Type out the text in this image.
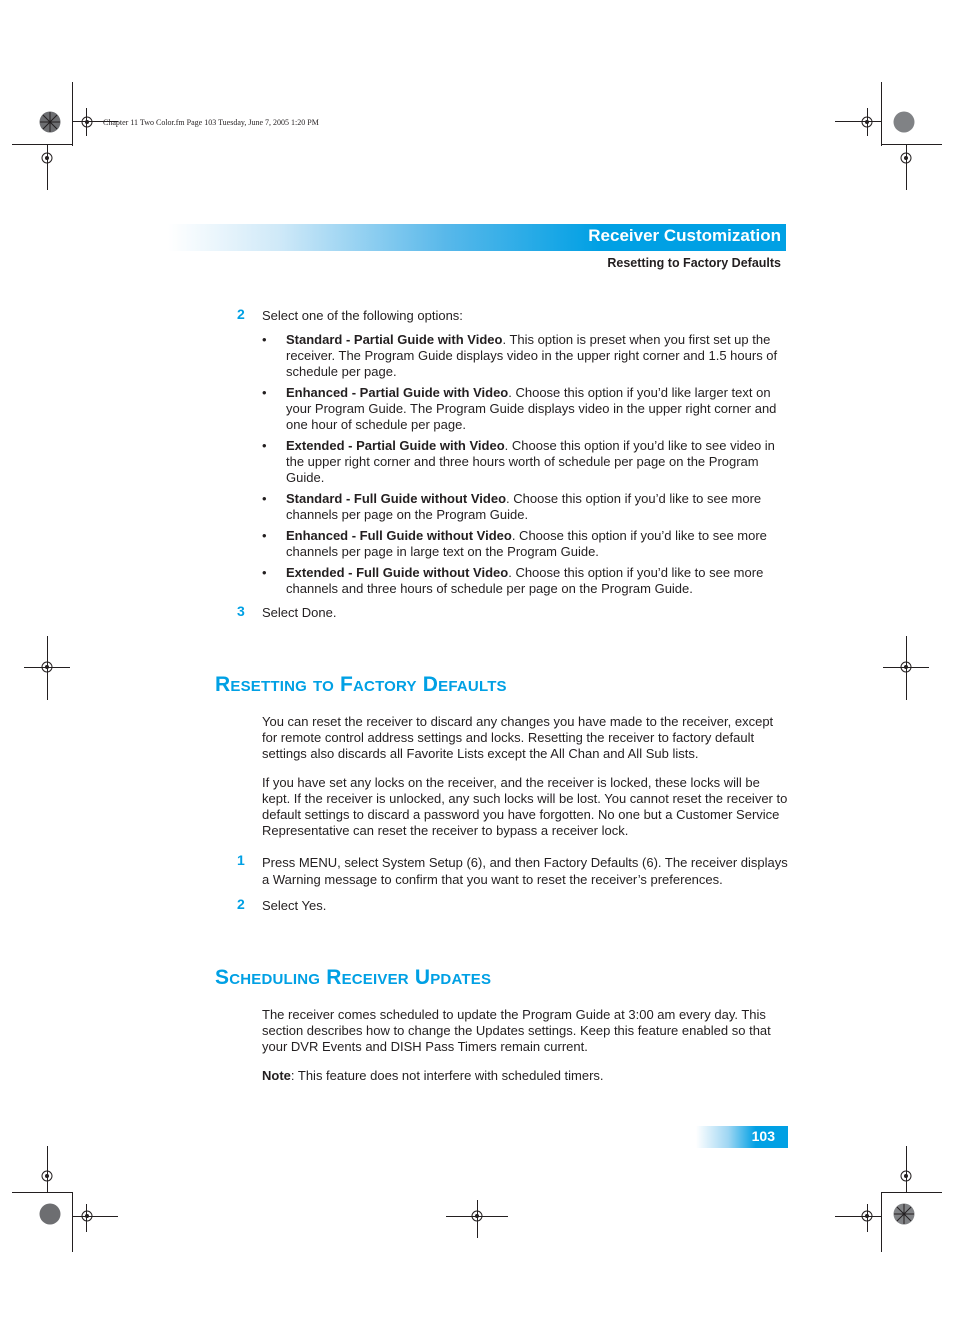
Chapter 11 Two Color.fm Page 103 Tuesday, June 7, 2005 1:20 PM
Receiver Customization
Resetting to Factory Defaults
2 Select one of the following options:
• Standard - Partial Guide with Video. This option is preset when you first set up the receiver. The Program Guide displays video in the upper right corner and 1.5 hours of schedule per page.
• Enhanced - Partial Guide with Video. Choose this option if you’d like larger text on your Program Guide. The Program Guide displays video in the upper right corner and one hour of schedule per page.
• Extended - Partial Guide with Video. Choose this option if you’d like to see video in the upper right corner and three hours worth of schedule per page on the Program Guide.
• Standard - Full Guide without Video. Choose this option if you’d like to see more channels per page on the Program Guide.
• Enhanced - Full Guide without Video. Choose this option if you’d like to see more channels per page in large text on the Program Guide.
• Extended - Full Guide without Video. Choose this option if you’d like to see more channels and three hours of schedule per page on the Program Guide.
3 Select Done.
Resetting to Factory Defaults
You can reset the receiver to discard any changes you have made to the receiver, except for remote control address settings and locks. Resetting the receiver to factory default settings also discards all Favorite Lists except the All Chan and All Sub lists.
If you have set any locks on the receiver, and the receiver is locked, these locks will be kept. If the receiver is unlocked, any such locks will be lost. You cannot reset the receiver to default settings to discard a password you have forgotten. No one but a Customer Service Representative can reset the receiver to bypass a receiver lock.
1 Press MENU, select System Setup (6), and then Factory Defaults (6). The receiver displays a Warning message to confirm that you want to reset the receiver’s preferences.
2 Select Yes.
Scheduling Receiver Updates
The receiver comes scheduled to update the Program Guide at 3:00 am every day. This section describes how to change the Updates settings. Keep this feature enabled so that your DVR Events and DISH Pass Timers remain current.
Note: This feature does not interfere with scheduled timers.
103
